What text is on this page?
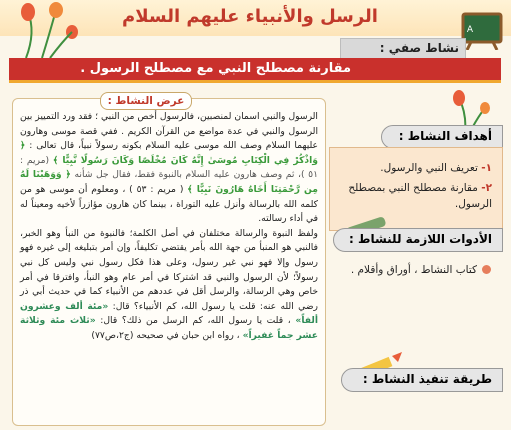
الرسل والأنبياء عليهم السلام
A
نشاط صفي :
مقارنة مصطلح النبي مع مصطلح الرسول .
أهداف النشاط :
١- تعريف النبي والرسول.
٢- مقارنة مصطلح النبي بمصطلح الرسول.
الأدوات اللازمة للنشاط :
كتاب النشاط ، أوراق وأقلام .
طريقة تنفيذ النشاط :
عرض النشاط :

الرسول والنبي اسمان لمنصبين، فالرسول أخص من النبي ؛ فقد ورد التمييز بين الرسول والنبي في عدة مواضع من القرآن الكريم . ففي قصة موسى وهارون عليهما السلام وصف الله موسى عليه السلام بكونه رسولاً نبياً، قال تعالى : ﴿ وَاذْكُرْ فِي الْكِتَابِ مُوسَىٰ إِنَّهُ كَانَ مُخْلَصًا وَكَانَ رَسُولًا نَّبِيًّا ﴾ (مريم : ٥١ )، ثم وصف هارون عليه السلام بالنبوة فقط، فقال جل شأنه ﴿ وَوَهَبْنَا لَهُ مِن رَّحْمَتِنَا أَخَاهُ هَارُونَ نَبِيًّا ﴾ ( مريم : ٥٣ ) ، ومعلوم أن موسى هو من كلمه الله بالرسالة وأنزل عليه التوراة ، بينما كان هارون مؤازراً لأخيه ومعيناً له في أداء رسالته.

ولفظ النبوة والرسالة مختلفان في أصل الكلمة؛ فالنبوة من النبأ وهو الخبر، فالنبي هو المنبأ من جهة الله بأمر يقتضي تكليفاً، وإن أمر بتبليغه إلى غيره فهو رسول وإلا فهو نبي غير رسول، وعلى هذا فكل رسول نبي وليس كل نبي رسولاً؛ لأن الرسول والنبي قد اشتركا في أمر عام وهو النبأ، وافترقا في أمر خاص وهي الرسالة، والرسل أقل في عددهم من الأنبياء كما في حديث أبي ذر رضي الله عنه: قلت يا رسول الله، كم الأنبياء؟ قال: «مئة ألف وعشرون ألفاً» ، قلت يا رسول الله، كم الرسل من ذلك؟ قال: «ثلاث مئة وثلاثة عشر جماً غفيراً» ، رواه ابن حبان في صحيحه (ج٢،ص٧٧)
